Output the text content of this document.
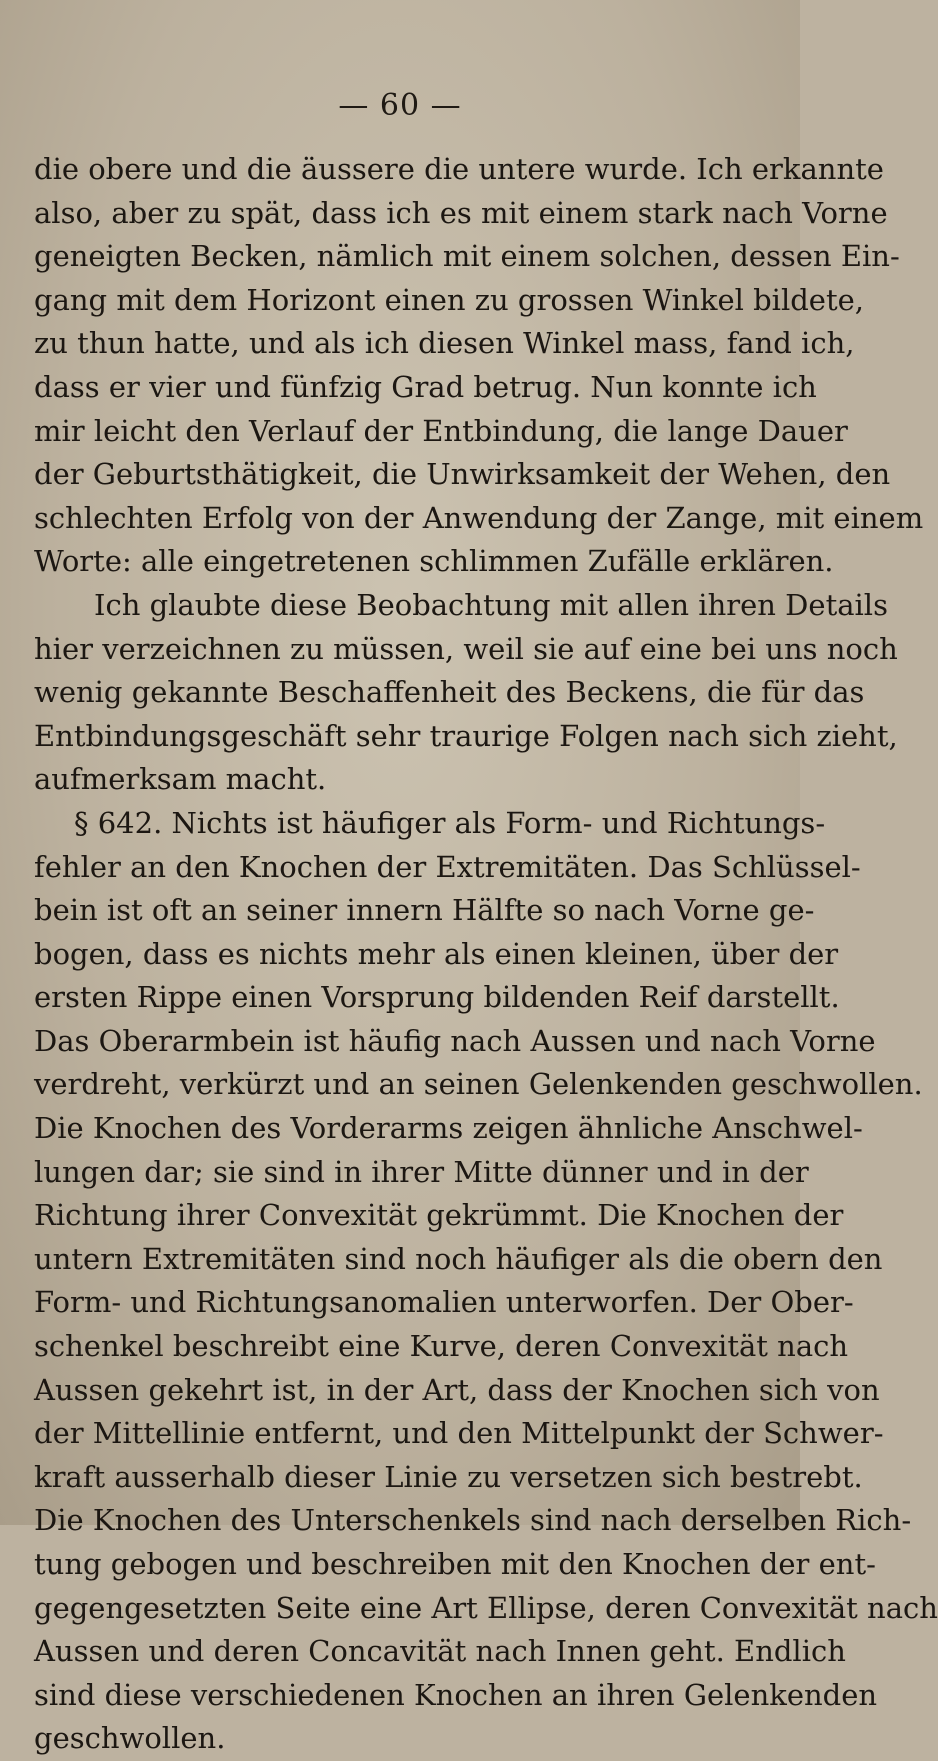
— 60 —
die obere und die äussere die untere wurde. Ich erkannte
also, aber zu spät, dass ich es mit einem stark nach Vorne
geneigten Becken, nämlich mit einem solchen, dessen Ein-
gang mit dem Horizont einen zu grossen Winkel bildete,
zu thun hatte, und als ich diesen Winkel mass, fand ich,
dass er vier und fünfzig Grad betrug. Nun konnte ich
mir leicht den Verlauf der Entbindung, die lange Dauer
der Geburtsthätigkeit, die Unwirksamkeit der Wehen, den
schlechten Erfolg von der Anwendung der Zange, mit einem
Worte: alle eingetretenen schlimmen Zufälle erklären.
Ich glaubte diese Beobachtung mit allen ihren Details
hier verzeichnen zu müssen, weil sie auf eine bei uns noch
wenig gekannte Beschaffenheit des Beckens, die für das
Entbindungsgeschäft sehr traurige Folgen nach sich zieht,
aufmerksam macht.
§ 642. Nichts ist häufiger als Form- und Richtungs-
fehler an den Knochen der Extremitäten. Das Schlüssel-
bein ist oft an seiner innern Hälfte so nach Vorne ge-
bogen, dass es nichts mehr als einen kleinen, über der
ersten Rippe einen Vorsprung bildenden Reif darstellt.
Das Oberarmbein ist häufig nach Aussen und nach Vorne
verdreht, verkürzt und an seinen Gelenkenden geschwollen.
Die Knochen des Vorderarms zeigen ähnliche Anschwel-
lungen dar; sie sind in ihrer Mitte dünner und in der
Richtung ihrer Convexität gekrümmt. Die Knochen der
untern Extremitäten sind noch häufiger als die obern den
Form- und Richtungsanomalien unterworfen. Der Ober-
schenkel beschreibt eine Kurve, deren Convexität nach
Aussen gekehrt ist, in der Art, dass der Knochen sich von
der Mittellinie entfernt, und den Mittelpunkt der Schwer-
kraft ausserhalb dieser Linie zu versetzen sich bestrebt.
Die Knochen des Unterschenkels sind nach derselben Rich-
tung gebogen und beschreiben mit den Knochen der ent-
gegengesetzten Seite eine Art Ellipse, deren Convexität nach
Aussen und deren Concavität nach Innen geht. Endlich
sind diese verschiedenen Knochen an ihren Gelenkenden
geschwollen.
